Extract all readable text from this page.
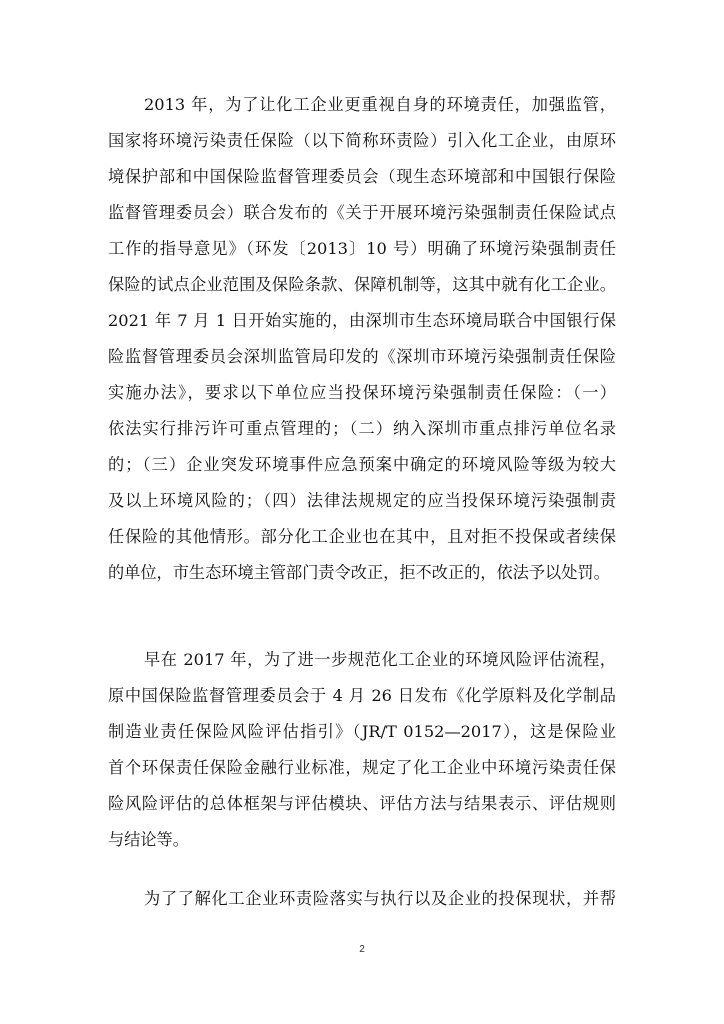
2013 年，为了让化工企业更重视自身的环境责任，加强监管，
国家将环境污染责任保险（以下简称环责险）引入化工企业，由原环
境保护部和中国保险监督管理委员会（现生态环境部和中国银行保险
监督管理委员会）联合发布的《关于开展环境污染强制责任保险试点
工作的指导意见》（环发〔2013〕10 号）明确了环境污染强制责任
保险的试点企业范围及保险条款、保障机制等，这其中就有化工企业。
2021 年 7 月 1 日开始实施的，由深圳市生态环境局联合中国银行保
险监督管理委员会深圳监管局印发的《深圳市环境污染强制责任保险
实施办法》，要求以下单位应当投保环境污染强制责任保险：（一）
依法实行排污许可重点管理的；（二）纳入深圳市重点排污单位名录
的；（三）企业突发环境事件应急预案中确定的环境风险等级为较大
及以上环境风险的；（四）法律法规规定的应当投保环境污染强制责
任保险的其他情形。部分化工企业也在其中，且对拒不投保或者续保
的单位，市生态环境主管部门责令改正，拒不改正的，依法予以处罚。
早在 2017 年，为了进一步规范化工企业的环境风险评估流程，
原中国保险监督管理委员会于 4 月 26 日发布《化学原料及化学制品
制造业责任保险风险评估指引》（JR/T 0152—2017），这是保险业
首个环保责任保险金融行业标准，规定了化工企业中环境污染责任保
险风险评估的总体框架与评估模块、评估方法与结果表示、评估规则
与结论等。
为了了解化工企业环责险落实与执行以及企业的投保现状，并帮
2
